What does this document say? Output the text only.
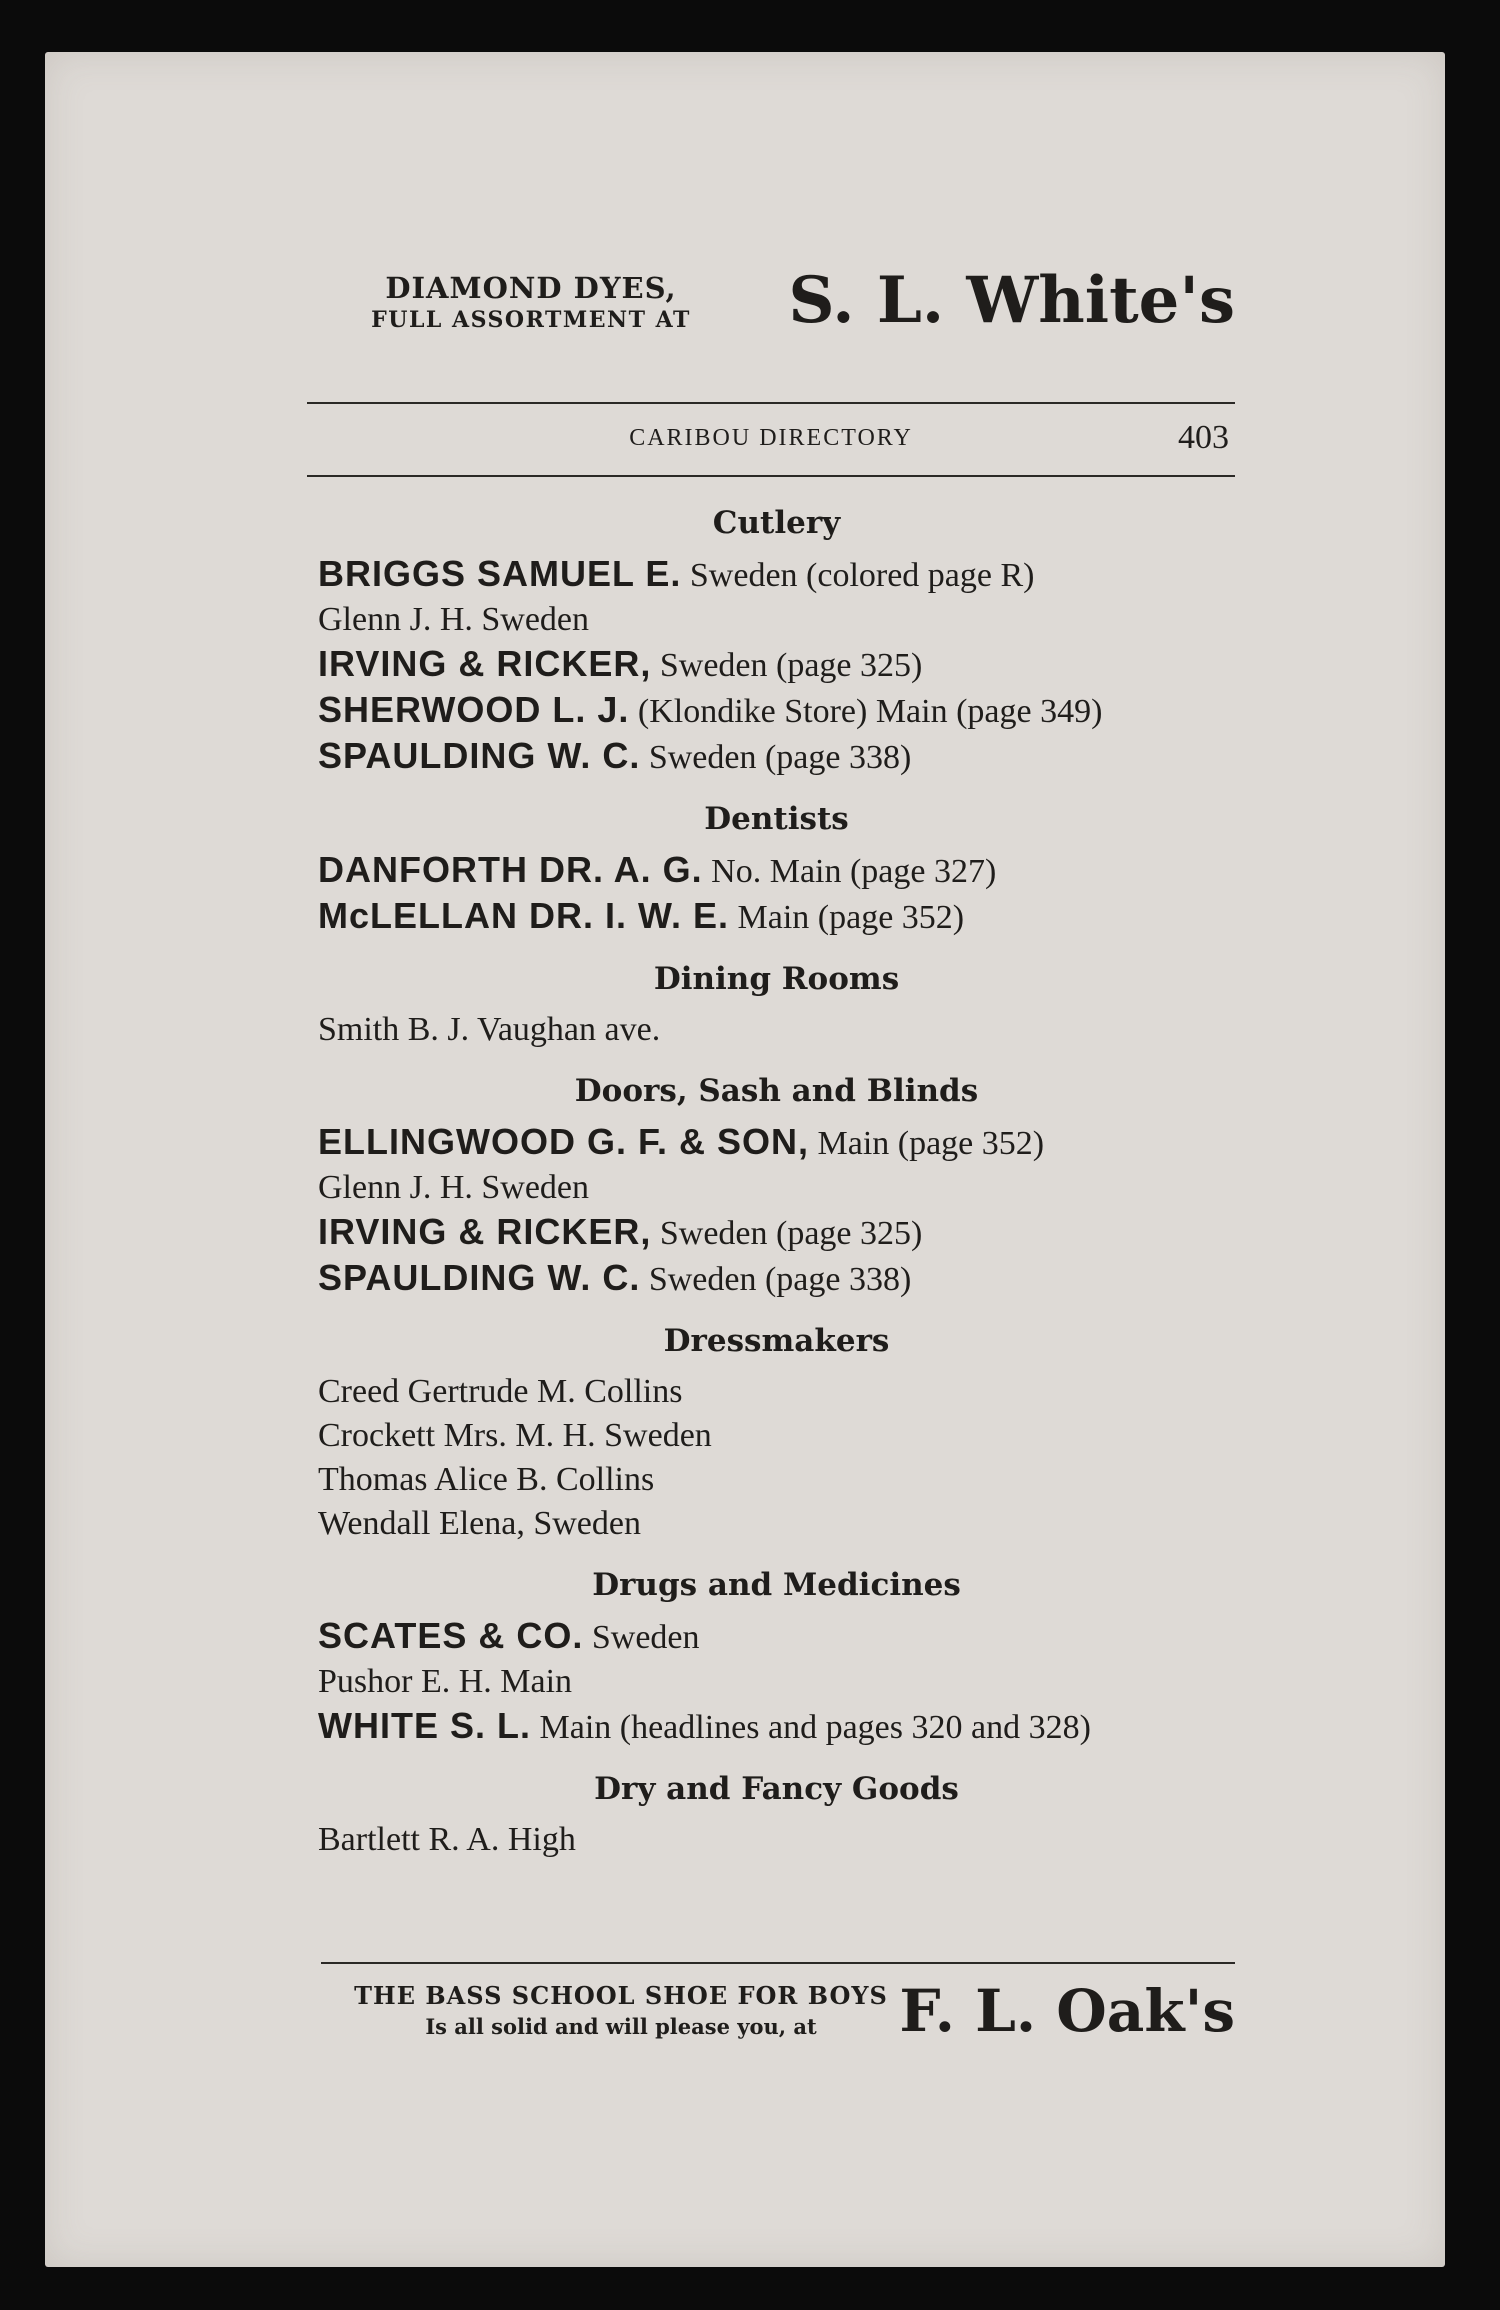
DIAMOND DYES,
FULL ASSORTMENT AT	S. L. White's
CARIBOU DIRECTORY	403
Cutlery
BRIGGS SAMUEL E. Sweden (colored page R)
Glenn J. H. Sweden
IRVING & RICKER, Sweden (page 325)
SHERWOOD L. J. (Klondike Store) Main (page 349)
SPAULDING W. C. Sweden (page 338)
Dentists
DANFORTH DR. A. G. No. Main (page 327)
McLELLAN DR. I. W. E. Main (page 352)
Dining Rooms
Smith B. J. Vaughan ave.
Doors, Sash and Blinds
ELLINGWOOD G. F. & SON, Main (page 352)
Glenn J. H. Sweden
IRVING & RICKER, Sweden (page 325)
SPAULDING W. C. Sweden (page 338)
Dressmakers
Creed Gertrude M. Collins
Crockett Mrs. M. H. Sweden
Thomas Alice B. Collins
Wendall Elena, Sweden
Drugs and Medicines
SCATES & CO. Sweden
Pushor E. H. Main
WHITE S. L. Main (headlines and pages 320 and 328)
Dry and Fancy Goods
Bartlett R. A. High
THE BASS SCHOOL SHOE FOR BOYS
Is all solid and will please you, at	F. L. Oak's
